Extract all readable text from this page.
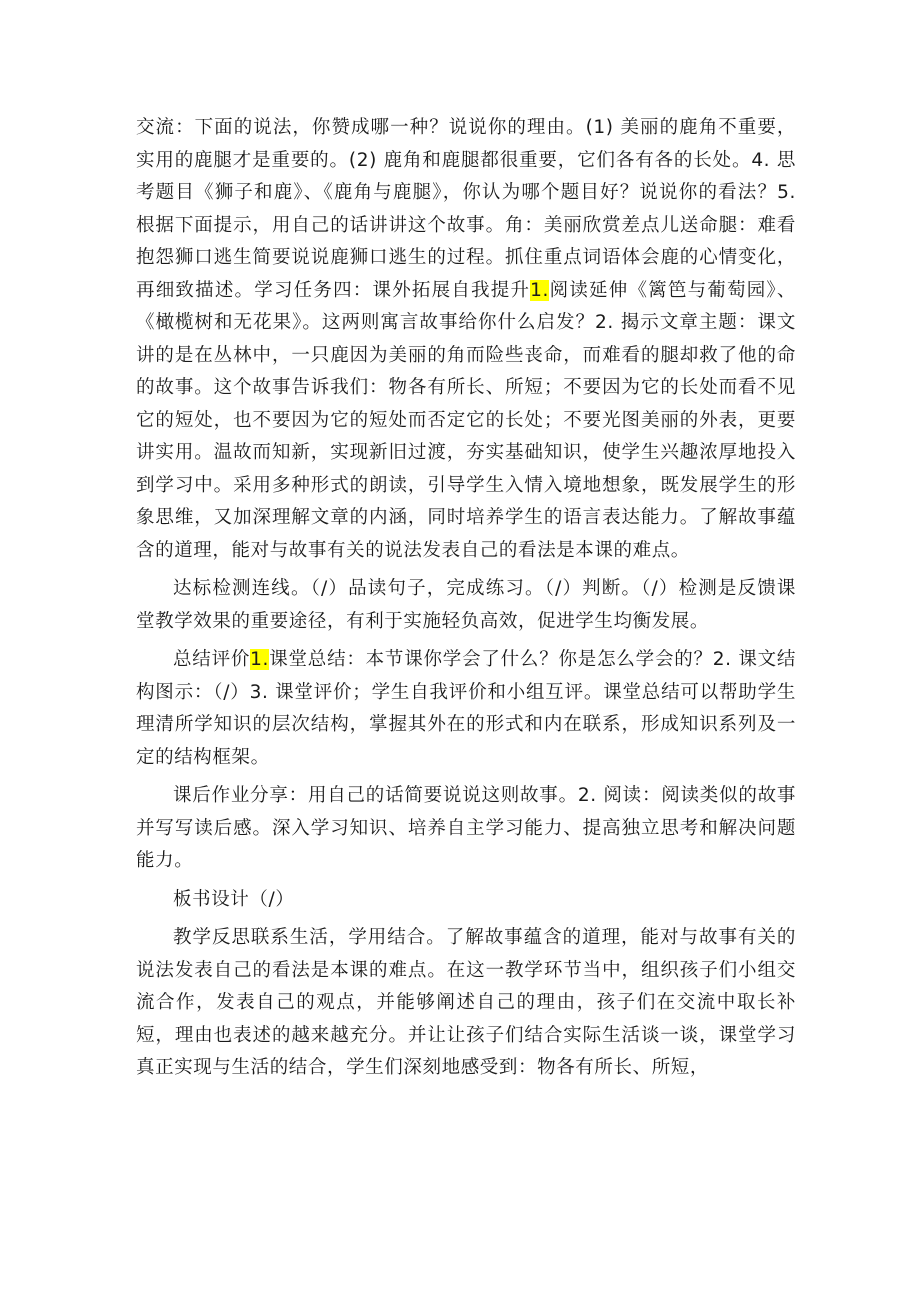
交流：下面的说法，你赞成哪一种？说说你的理由。(1) 美丽的鹿角不重要，实用的鹿腿才是重要的。(2) 鹿角和鹿腿都很重要，它们各有各的长处。4. 思考题目《狮子和鹿》、《鹿角与鹿腿》，你认为哪个题目好？说说你的看法？5. 根据下面提示，用自己的话讲讲这个故事。角：美丽欣赏差点儿送命腿：难看抱怨狮口逃生简要说说鹿狮口逃生的过程。抓住重点词语体会鹿的心情变化，再细致描述。学习任务四：课外拓展自我提升1.阅读延伸《篱笆与葡萄园》、《橄榄树和无花果》。这两则寓言故事给你什么启发？2. 揭示文章主题：课文讲的是在丛林中，一只鹿因为美丽的角而险些丧命，而难看的腿却救了他的命的故事。这个故事告诉我们：物各有所长、所短；不要因为它的长处而看不见它的短处，也不要因为它的短处而否定它的长处；不要光图美丽的外表，更要讲实用。温故而知新，实现新旧过渡，夯实基础知识，使学生兴趣浓厚地投入到学习中。采用多种形式的朗读，引导学生入情入境地想象，既发展学生的形象思维，又加深理解文章的内涵，同时培养学生的语言表达能力。了解故事蕴含的道理，能对与故事有关的说法发表自己的看法是本课的难点。

达标检测连线。（/）品读句子，完成练习。（/）判断。（/）检测是反馈课堂教学效果的重要途径，有利于实施轻负高效，促进学生均衡发展。

总结评价1.课堂总结：本节课你学会了什么？你是怎么学会的？2. 课文结构图示：（/）3. 课堂评价；学生自我评价和小组互评。课堂总结可以帮助学生理清所学知识的层次结构，掌握其外在的形式和内在联系，形成知识系列及一定的结构框架。

课后作业分享：用自己的话简要说说这则故事。2. 阅读：阅读类似的故事并写写读后感。深入学习知识、培养自主学习能力、提高独立思考和解决问题能力。

板书设计（/）

教学反思联系生活，学用结合。了解故事蕴含的道理，能对与故事有关的说法发表自己的看法是本课的难点。在这一教学环节当中，组织孩子们小组交流合作，发表自己的观点，并能够阐述自己的理由，孩子们在交流中取长补短，理由也表述的越来越充分。并让让孩子们结合实际生活谈一谈，课堂学习真正实现与生活的结合，学生们深刻地感受到：物各有所长、所短，
